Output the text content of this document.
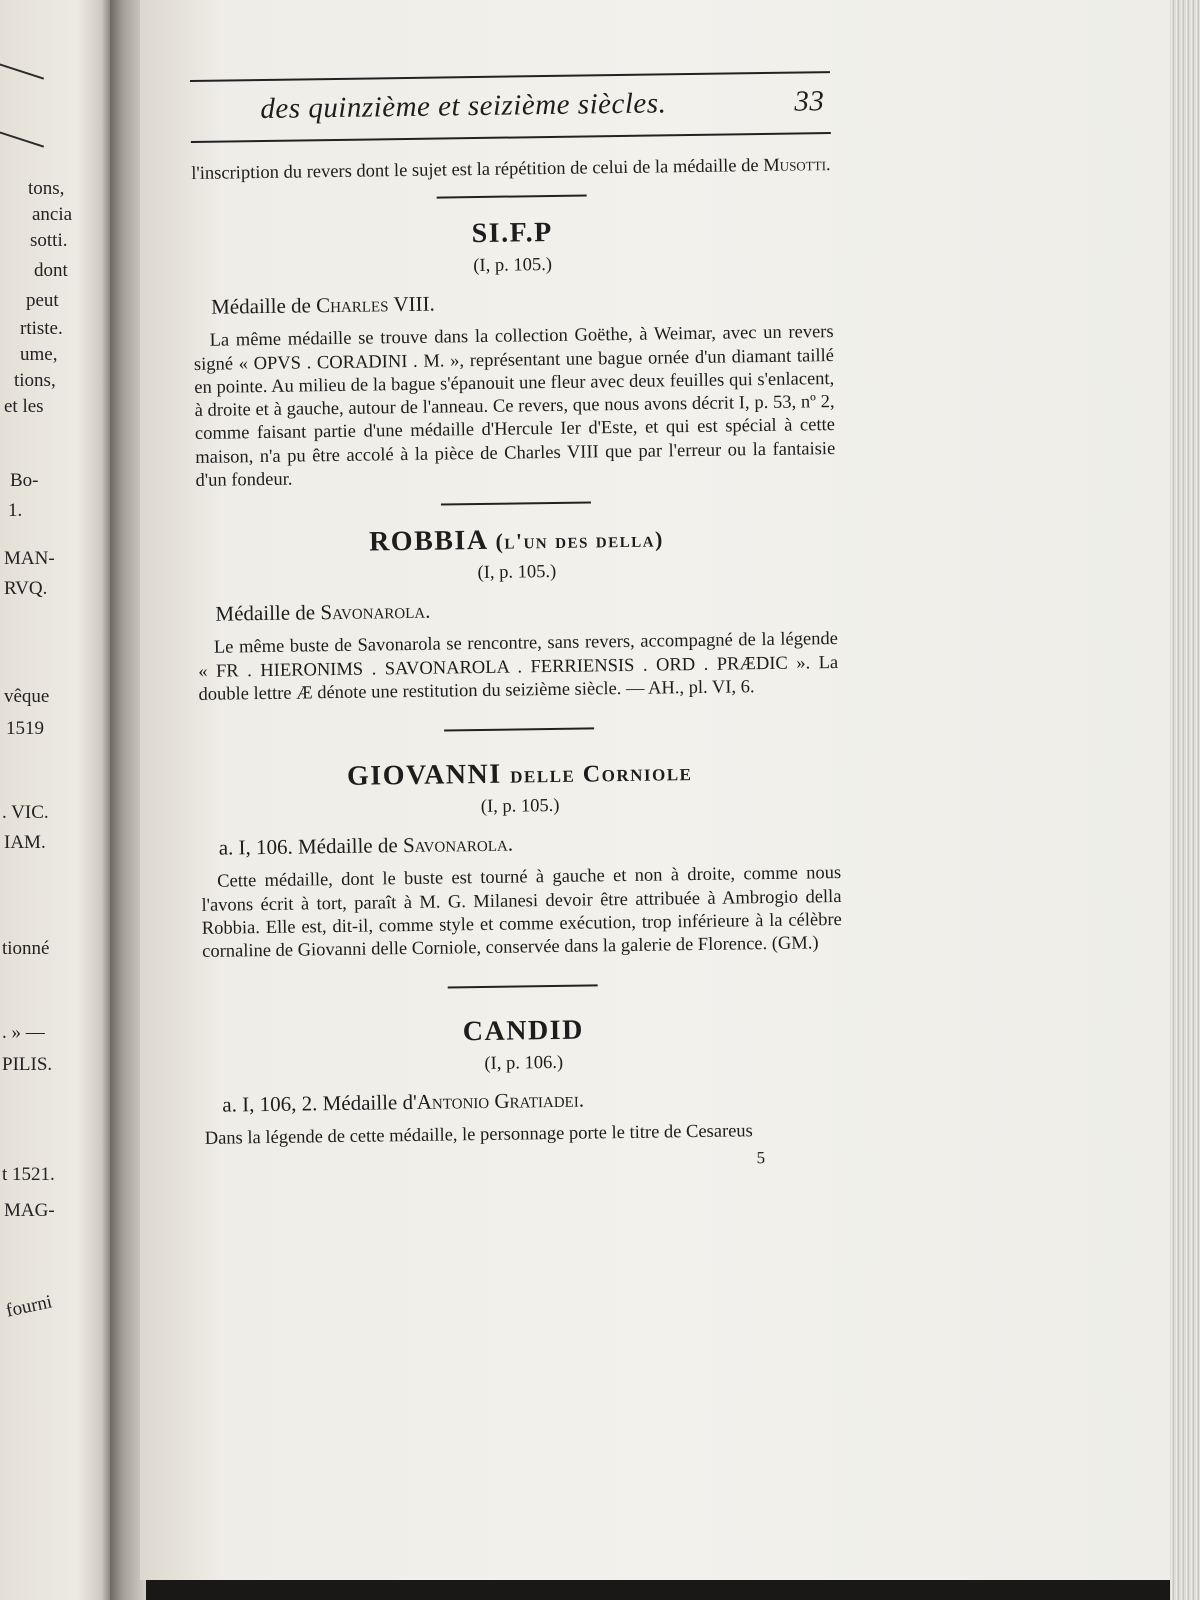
tons,
ancia
sotti.
dont
peut
rtiste.
ume,
tions,
et les
Bo-
1.
MAN-
RVQ.
vêque
1519
. VIC.
IAM.
tionné
. » —
PILIS.
t 1521.
MAG-
fourni
des quinzième et seizième siècles.	33

l'inscription du revers dont le sujet est la répétition de celui de la médaille de Musotti.

SI.F.P
(I, p. 105.)
Médaille de Charles VIII.

La même médaille se trouve dans la collection Goëthe, à Weimar, avec un revers signé « OPVS . CORADINI . M. », représentant une bague ornée d'un diamant taillé en pointe. Au milieu de la bague s'épanouit une fleur avec deux feuilles qui s'enlacent, à droite et à gauche, autour de l'anneau. Ce revers, que nous avons décrit I, p. 53, nº 2, comme faisant partie d'une médaille d'Hercule Ier d'Este, et qui est spécial à cette maison, n'a pu être accolé à la pièce de Charles VIII que par l'erreur ou la fantaisie d'un fondeur.

ROBBIA (l'un des della)
(I, p. 105.)
Médaille de Savonarola.

Le même buste de Savonarola se rencontre, sans revers, accompagné de la légende « FR . HIERONIMS . SAVONAROLA . FERRIENSIS . ORD . PRÆDIC ». La double lettre Æ dénote une restitution du seizième siècle. — AH., pl. VI, 6.

GIOVANNI delle Corniole
(I, p. 105.)
a. I, 106. Médaille de Savonarola.

Cette médaille, dont le buste est tourné à gauche et non à droite, comme nous l'avons écrit à tort, paraît à M. G. Milanesi devoir être attribuée à Ambrogio della Robbia. Elle est, dit-il, comme style et comme exécution, trop inférieure à la célèbre cornaline de Giovanni delle Corniole, conservée dans la galerie de Florence. (GM.)

CANDID
(I, p. 106.)
a. I, 106, 2. Médaille d'Antonio Gratiadei.

Dans la légende de cette médaille, le personnage porte le titre de Cesareus

5
